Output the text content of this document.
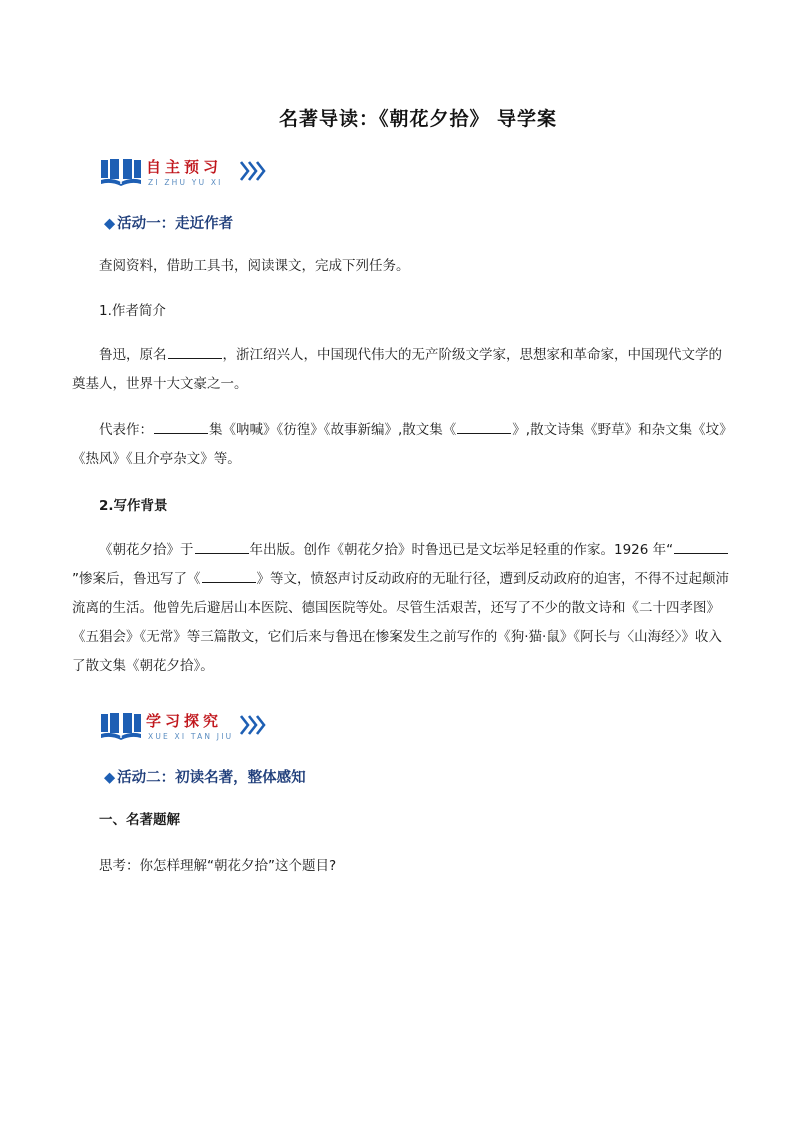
名著导读：《朝花夕拾》 导学案
自主预习
ZI ZHU YU XI
◆ 活动一：走近作者
查阅资料，借助工具书，阅读课文，完成下列任务。
1.作者简介
鲁迅，原名	，浙江绍兴人，中国现代伟大的无产阶级文学家，思想家和革命家，中国现代文学的奠基人，世界十大文豪之一。
代表作：	集《呐喊》《彷徨》《故事新编》,散文集《	》,散文诗集《野草》和杂文集《坟》《热风》《且介亭杂文》等。
2.写作背景
《朝花夕拾》于	年出版。创作《朝花夕拾》时鲁迅已是文坛举足轻重的作家。1926 年“”惨案后，鲁迅写了《	》等文，愤怒声讨反动政府的无耻行径，遭到反动政府的迫害，不得不过起颠沛流离的生活。他曾先后避居山本医院、德国医院等处。尽管生活艰苦，还写了不少的散文诗和《二十四孝图》《五猖会》《无常》等三篇散文，它们后来与鲁迅在惨案发生之前写作的《狗·猫·鼠》《阿长与〈山海经〉》收入了散文集《朝花夕拾》。
学习探究
XUE XI TAN JIU
◆ 活动二：初读名著，整体感知
一、名著题解
思考：你怎样理解“朝花夕拾”这个题目?
